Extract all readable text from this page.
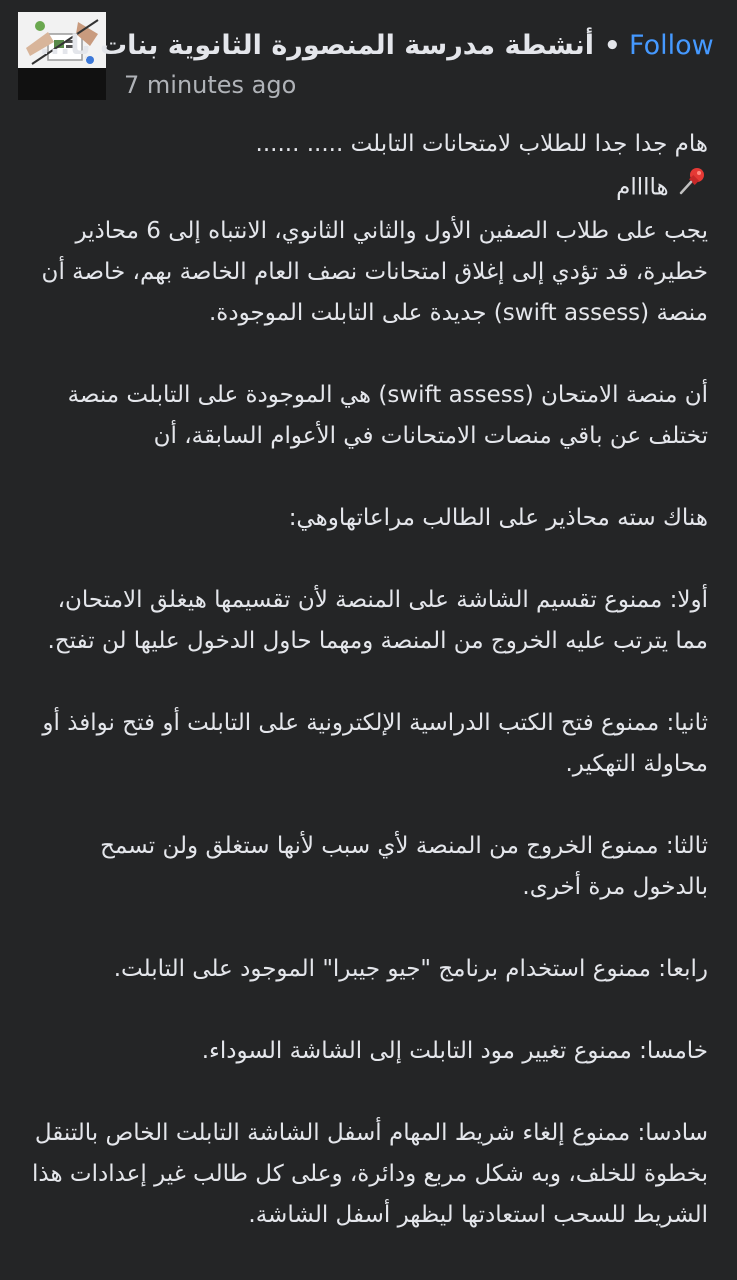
أنشطة مدرسة المنصورة الثانوية بنات با... • Follow
7 minutes ago

هام جدا جدا للطلاب لامتحانات التابلت ..... ......

هاااام

يجب على طلاب الصفين الأول والثاني الثانوي، الانتباه إلى 6 محاذير خطيرة، قد تؤدي إلى إغلاق امتحانات نصف العام الخاصة بهم، خاصة أن منصة (swift assess) جديدة على التابلت الموجودة.

أن منصة الامتحان (swift assess) هي الموجودة على التابلت منصة تختلف عن باقي منصات الامتحانات في الأعوام السابقة، أن

هناك سته محاذير على الطالب مراعاتهاوهي:

أولا: ممنوع تقسيم الشاشة على المنصة لأن تقسيمها هيغلق الامتحان، مما يترتب عليه الخروج من المنصة ومهما حاول الدخول عليها لن تفتح.

ثانيا: ممنوع فتح الكتب الدراسية الإلكترونية على التابلت أو فتح نوافذ أو محاولة التهكير.

ثالثا: ممنوع الخروج من المنصة لأي سبب لأنها ستغلق ولن تسمح بالدخول مرة أخرى.

رابعا: ممنوع استخدام برنامج "جيو جيبرا" الموجود على التابلت.

خامسا: ممنوع تغيير مود التابلت إلى الشاشة السوداء.

سادسا: ممنوع إلغاء شريط المهام أسفل الشاشة التابلت الخاص بالتنقل بخطوة للخلف، وبه شكل مربع ودائرة، وعلى كل طالب غير إعدادات هذا الشريط للسحب استعادتها ليظهر أسفل الشاشة.
